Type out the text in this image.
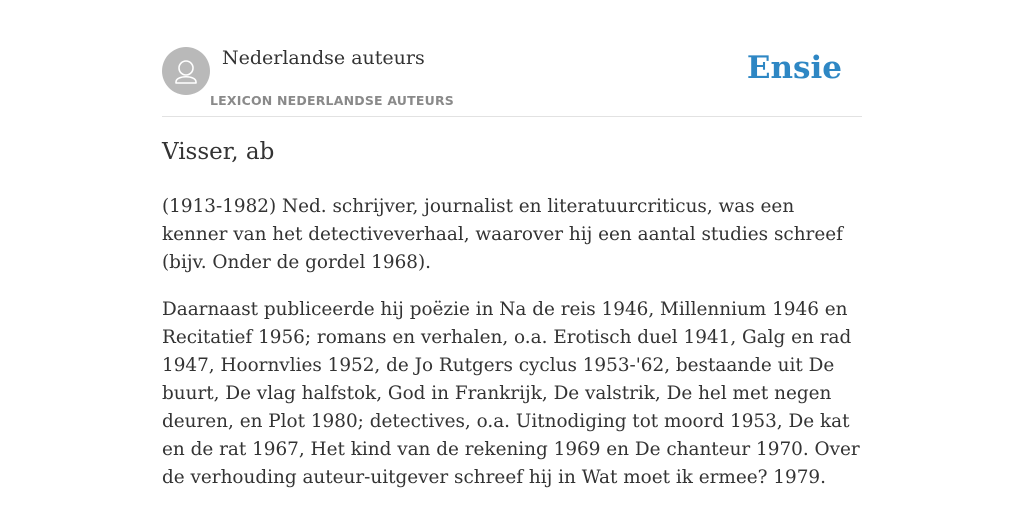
Nederlandse auteurs
LEXICON NEDERLANDSE AUTEURS
Ensie
Visser, ab

(1913-1982) Ned. schrijver, journalist en literatuurcriticus, was een kenner van het detectiveverhaal, waarover hij een aantal studies schreef (bijv. Onder de gordel 1968).

Daarnaast publiceerde hij poëzie in Na de reis 1946, Millennium 1946 en Recitatief 1956; romans en verhalen, o.a. Erotisch duel 1941, Galg en rad 1947, Hoornvlies 1952, de Jo Rutgers cyclus 1953-'62, bestaande uit De buurt, De vlag halfstok, God in Frankrijk, De valstrik, De hel met negen deuren, en Plot 1980; detectives, o.a. Uitnodiging tot moord 1953, De kat en de rat 1967, Het kind van de rekening 1969 en De chanteur 1970. Over de verhouding auteur-uitgever schreef hij in Wat moet ik ermee? 1979.
